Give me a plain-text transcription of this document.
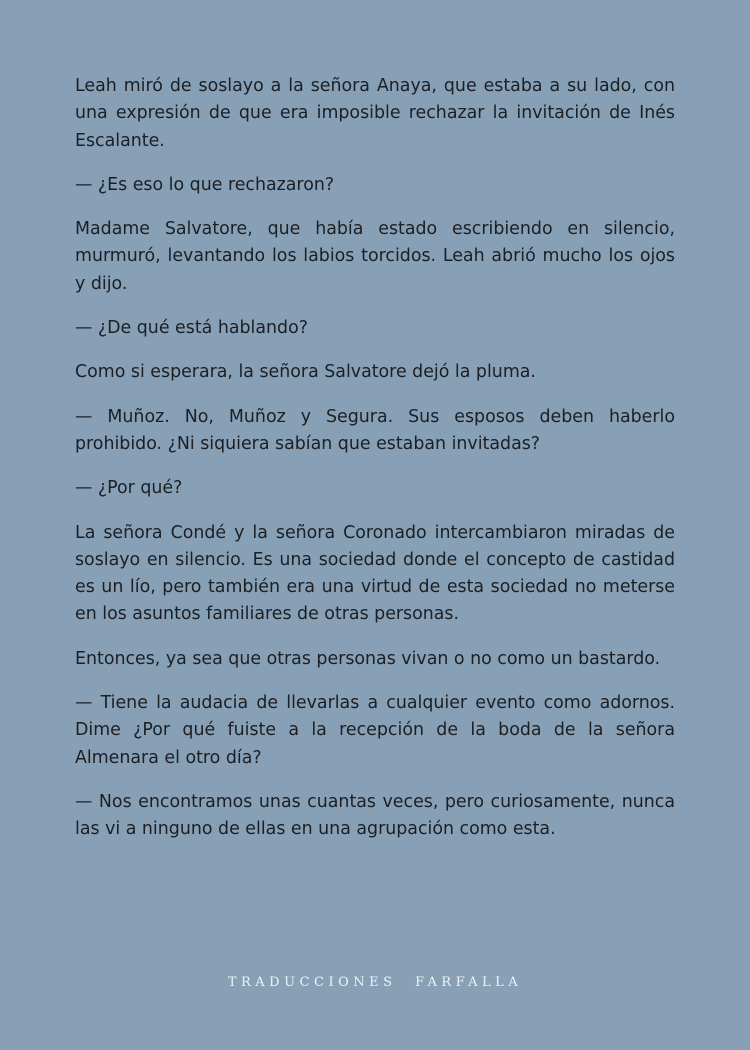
Leah miró de soslayo a la señora Anaya, que estaba a su lado, con una expresión de que era imposible rechazar la invitación de Inés Escalante.

— ¿Es eso lo que rechazaron?

Madame Salvatore, que había estado escribiendo en silencio, murmuró, levantando los labios torcidos. Leah abrió mucho los ojos y dijo.

— ¿De qué está hablando?

Como si esperara, la señora Salvatore dejó la pluma.

— Muñoz. No, Muñoz y Segura. Sus esposos deben haberlo prohibido. ¿Ni siquiera sabían que estaban invitadas?

— ¿Por qué?

La señora Condé y la señora Coronado intercambiaron miradas de soslayo en silencio. Es una sociedad donde el concepto de castidad es un lío, pero también era una virtud de esta sociedad no meterse en los asuntos familiares de otras personas.

Entonces, ya sea que otras personas vivan o no como un bastardo.

— Tiene la audacia de llevarlas a cualquier evento como adornos. Dime ¿Por qué fuiste a la recepción de la boda de la señora Almenara el otro día?

— Nos encontramos unas cuantas veces, pero curiosamente, nunca las vi a ninguno de ellas en una agrupación como esta.

TRADUCCIONES FARFALLA
